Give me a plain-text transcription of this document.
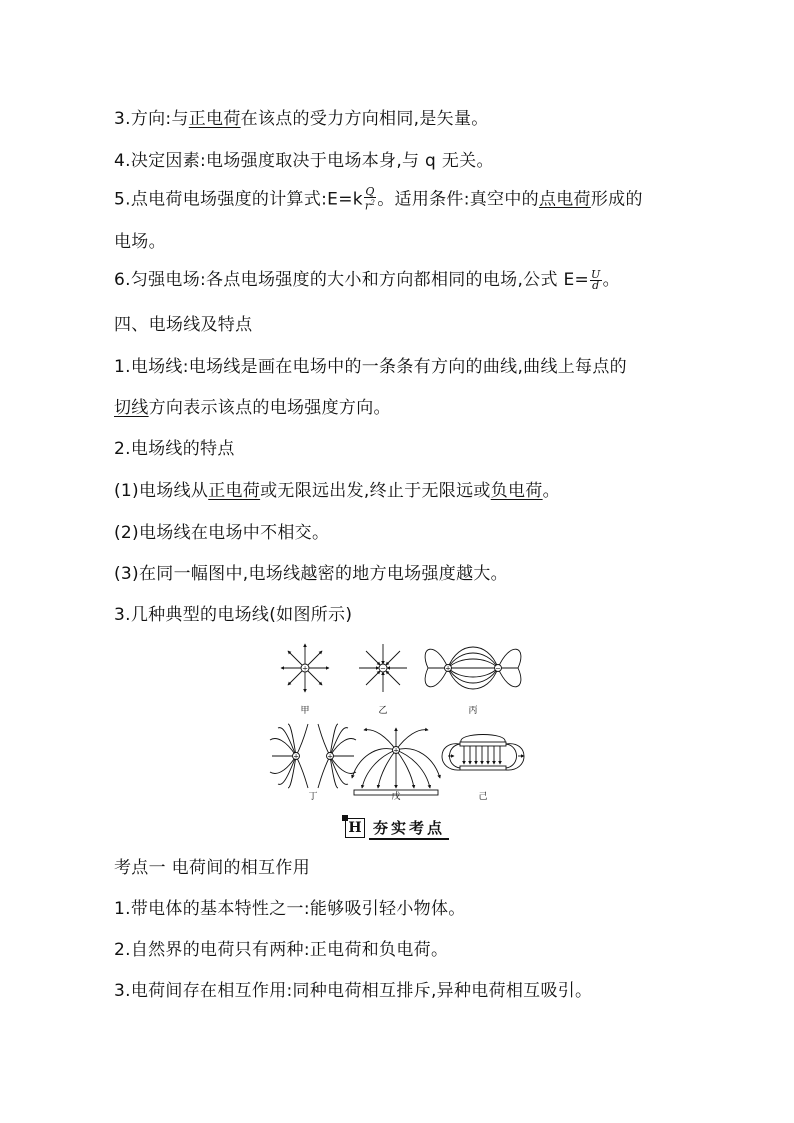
3.方向:与正电荷在该点的受力方向相同,是矢量。
4.决定因素:电场强度取决于电场本身,与 q 无关。
5.点电荷电场强度的计算式:E=k $\frac{Q}{r^2}$ 。适用条件:真空中的点电荷形成的
电场。
6.匀强电场:各点电场强度的大小和方向都相同的电场,公式 $E= \frac{U}{d}$ 。
四、电场线及特点
1.电场线:电场线是画在电场中的一条条有方向的曲线,曲线上每点的
切线方向表示该点的电场强度方向。
2.电场线的特点
(1)电场线从正电荷或无限远出发,终止于无限远或负电荷。
(2)电场线在电场中不相交。
(3)在同一幅图中,电场线越密的地方电场强度越大。
3.几种典型的电场线(如图所示)
+	−	+	−
+	+
+
甲	乙	丙
丁	戊	己
H 夯实考点
考点一 电荷间的相互作用
1.带电体的基本特性之一:能够吸引轻小物体。
2.自然界的电荷只有两种:正电荷和负电荷。
3.电荷间存在相互作用:同种电荷相互排斥,异种电荷相互吸引。
